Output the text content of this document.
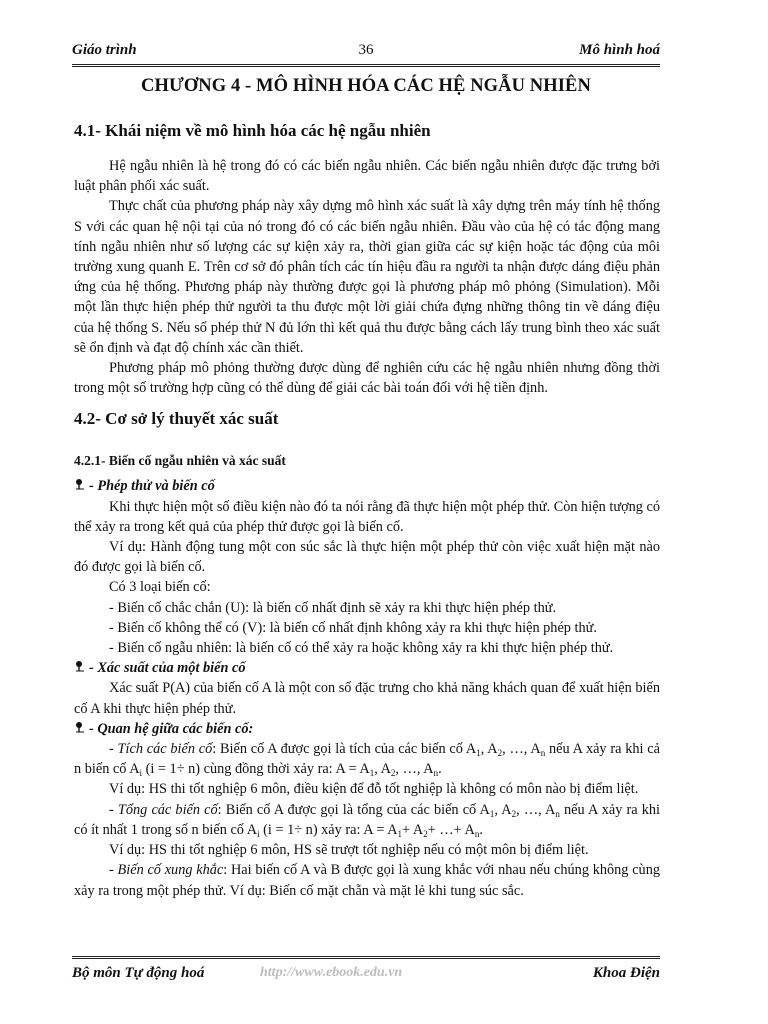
Giáo trình	36	Mô hình hoá
CHƯƠNG 4 - MÔ HÌNH HÓA CÁC HỆ NGẪU NHIÊN
4.1- Khái niệm về mô hình hóa các hệ ngẫu nhiên

Hệ ngẫu nhiên là hệ trong đó có các biến ngẫu nhiên. Các biến ngẫu nhiên được đặc trưng bởi luật phân phối xác suất.

Thực chất của phương pháp này xây dựng mô hình xác suất là xây dựng trên máy tính hệ thống S với các quan hệ nội tại của nó trong đó có các biến ngẫu nhiên. Đầu vào của hệ có tác động mang tính ngẫu nhiên như số lượng các sự kiện xảy ra, thời gian giữa các sự kiện hoặc tác động của môi trường xung quanh E. Trên cơ sở đó phân tích các tín hiệu đầu ra người ta nhận được dáng điệu phản ứng của hệ thống. Phương pháp này thường được gọi là phương pháp mô phỏng (Simulation). Mỗi một lần thực hiện phép thử người ta thu được một lời giải chứa đựng những thông tin về dáng điệu của hệ thống S. Nếu số phép thử N đủ lớn thì kết quả thu được bằng cách lấy trung bình theo xác suất sẽ ổn định và đạt độ chính xác cần thiết.

Phương pháp mô phỏng thường được dùng để nghiên cứu các hệ ngẫu nhiên nhưng đồng thời trong một số trường hợp cũng có thể dùng để giải các bài toán đối với hệ tiền định.

4.2- Cơ sở lý thuyết xác suất
4.2.1- Biến cố ngẫu nhiên và xác suất

- Phép thử và biến cố

Khi thực hiện một số điều kiện nào đó ta nói rằng đã thực hiện một phép thử. Còn hiện tượng có thể xảy ra trong kết quả của phép thử được gọi là biến cố.

Ví dụ: Hành động tung một con súc sắc là thực hiện một phép thử còn việc xuất hiện mặt nào đó được gọi là biến cố.

Có 3 loại biến cố:

- Biến cố chắc chắn (U): là biến cố nhất định sẽ xảy ra khi thực hiện phép thử.

- Biến cố không thể có (V): là biến cố nhất định không xảy ra khi thực hiện phép thử.

- Biến cố ngẫu nhiên: là biến cố có thể xảy ra hoặc không xảy ra khi thực hiện phép thử.

- Xác suất của một biến cố

Xác suất P(A) của biến cố A là một con số đặc trưng cho khả năng khách quan để xuất hiện biến cố A khi thực hiện phép thử.

- Quan hệ giữa các biến cố:

- Tích các biến cố: Biến cố A được gọi là tích của các biến cố $A_1$, $A_2$, …, $A_n$ nếu A xảy ra khi cả n biến cố $A_i$ (i = 1÷ n) cùng đồng thời xảy ra: $A = A_1$, $A_2$, …, $A_n$.

Ví dụ: HS thi tốt nghiệp 6 môn, điều kiện để đỗ tốt nghiệp là không có môn nào bị điểm liệt.

- Tổng các biến cố: Biến cố A được gọi là tổng của các biến cố $A_1$, $A_2$, …, $A_n$ nếu A xảy ra khi có ít nhất 1 trong số n biến cố $A_i$ (i = 1÷ n) xảy ra: $A = A_1+ A_2+$ …+ $A_n$.

Ví dụ: HS thi tốt nghiệp 6 môn, HS sẽ trượt tốt nghiệp nếu có một môn bị điểm liệt.

- Biến cố xung khắc: Hai biến cố A và B được gọi là xung khắc với nhau nếu chúng không cùng xảy ra trong một phép thử. Ví dụ: Biến cố mặt chẵn và mặt lẻ khi tung súc sắc.

Bộ môn Tự động hoá	http://www.ebook.edu.vn	Khoa Điện
